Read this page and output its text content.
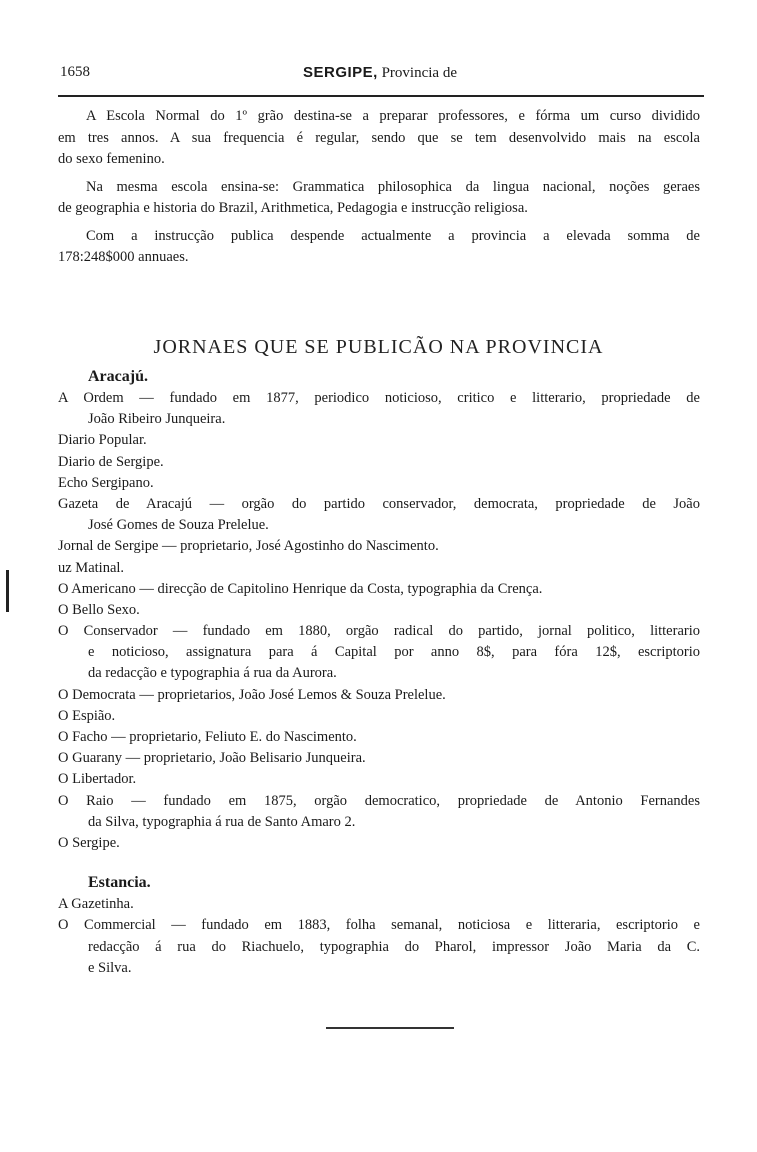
1658	SERGIPE, Provincia de
A Escola Normal do 1º grão destina-se a preparar professores, e fórma um curso dividido
em tres annos. A sua frequencia é regular, sendo que se tem desenvolvido mais na escola
do sexo femenino.
Na mesma escola ensina-se: Grammatica philosophica da lingua nacional, noções geraes
de geographia e historia do Brazil, Arithmetica, Pedagogia e instrucção religiosa.
Com a instrucção publica despende actualmente a provincia a elevada somma de
178:248$000 annuaes.
JORNAES QUE SE PUBLICÃO NA PROVINCIA
Aracajú.
A Ordem — fundado em 1877, periodico noticioso, critico e litterario, propriedade de
João Ribeiro Junqueira.
Diario Popular.
Diario de Sergipe.
Echo Sergipano.
Gazeta de Aracajú — orgão do partido conservador, democrata, propriedade de João
José Gomes de Souza Prelelue.
Jornal de Sergipe — proprietario, José Agostinho do Nascimento.
uz Matinal.
O Americano — direcção de Capitolino Henrique da Costa, typographia da Crença.
O Bello Sexo.
O Conservador — fundado em 1880, orgão radical do partido, jornal politico, litterario
e noticioso, assignatura para á Capital por anno 8$, para fóra 12$, escriptorio
da redacção e typographia á rua da Aurora.
O Democrata — proprietarios, João José Lemos & Souza Prelelue.
O Espião.
O Facho — proprietario, Feliuto E. do Nascimento.
O Guarany — proprietario, João Belisario Junqueira.
O Libertador.
O Raio — fundado em 1875, orgão democratico, propriedade de Antonio Fernandes
da Silva, typographia á rua de Santo Amaro 2.
O Sergipe.
Estancia.
A Gazetinha.
O Commercial — fundado em 1883, folha semanal, noticiosa e litteraria, escriptorio e
redacção á rua do Riachuelo, typographia do Pharol, impressor João Maria da C.
e Silva.
